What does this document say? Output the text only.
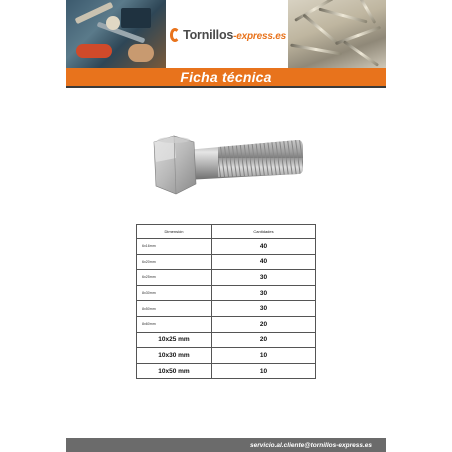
Tornillos-express.es
Ficha técnica
Dimensión	Cantidades
6x16mm	40
6x20mm	40
6x25mm	30
8x30mm	30
8x50mm	30
8x60mm	20
10x25 mm	20
10x30 mm	10
10x50 mm	10
servicio.al.cliente@tornillos-express.es
